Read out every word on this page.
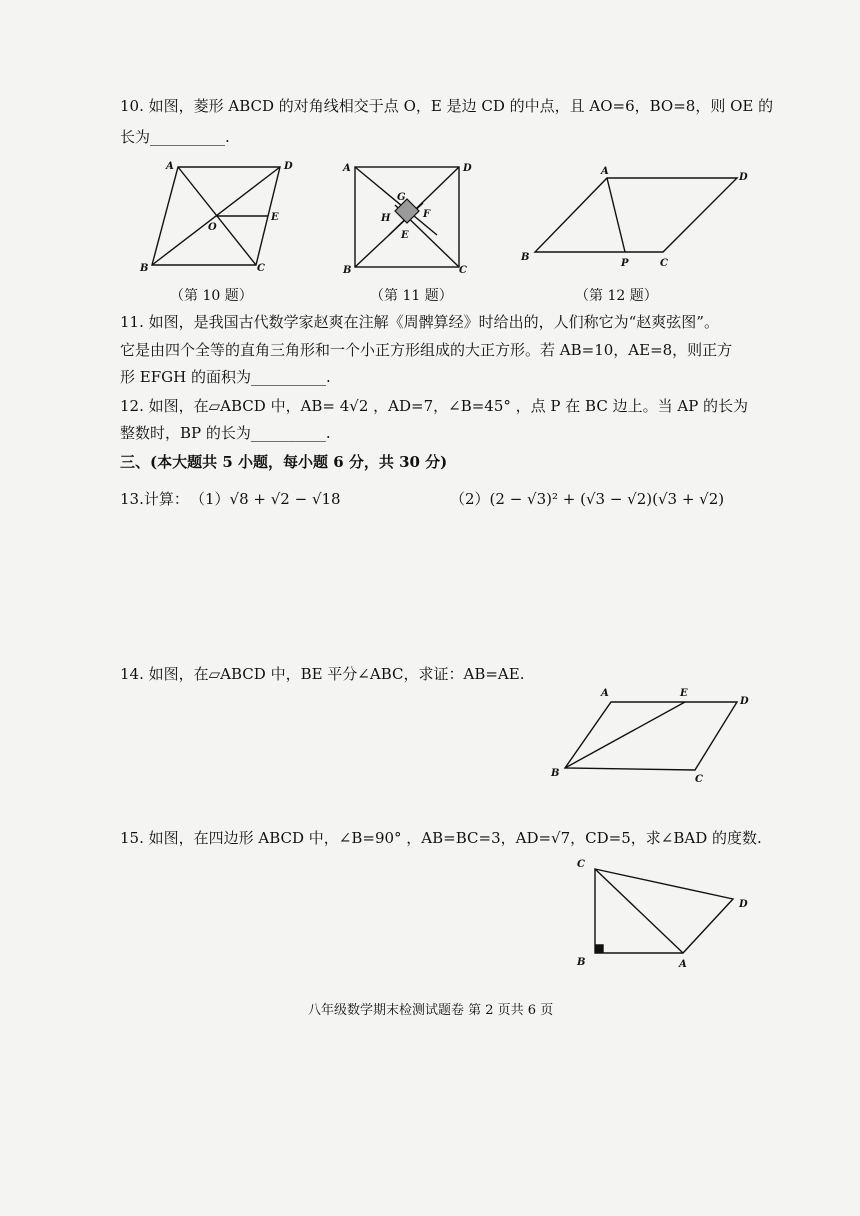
10. 如图，菱形 ABCD 的对角线相交于点 O，E 是边 CD 的中点，且 AO=6，BO=8，则 OE 的
长为__________.
A	D
O
E
B	C
A	D
G
H	F
E
B	C
A
D
B
P	C
（第 10 题）	（第 11 题）	（第 12 题）
11. 如图，是我国古代数学家赵爽在注解《周髀算经》时给出的，人们称它为“赵爽弦图”。
它是由四个全等的直角三角形和一个小正方形组成的大正方形。若 AB=10，AE=8，则正方
形 EFGH 的面积为__________.
12. 如图，在▱ABCD 中，AB= 4√2 ，AD=7，∠B=45° ，点 P 在 BC 边上。当 AP 的长为
整数时，BP 的长为__________.
三、(本大题共 5 小题，每小题 6 分，共 30 分)
13.计算： （1）√8 + √2 − √18	（2）(2 − √3)² + (√3 − √2)(√3 + √2)
14. 如图，在▱ABCD 中，BE 平分∠ABC，求证：AB=AE.
A	E
D
B
C
15. 如图，在四边形 ABCD 中，∠B=90° ，AB=BC=3，AD=√7，CD=5，求∠BAD 的度数.
C
D
B	A
八年级数学期末检测试题卷 第 2 页共 6 页
